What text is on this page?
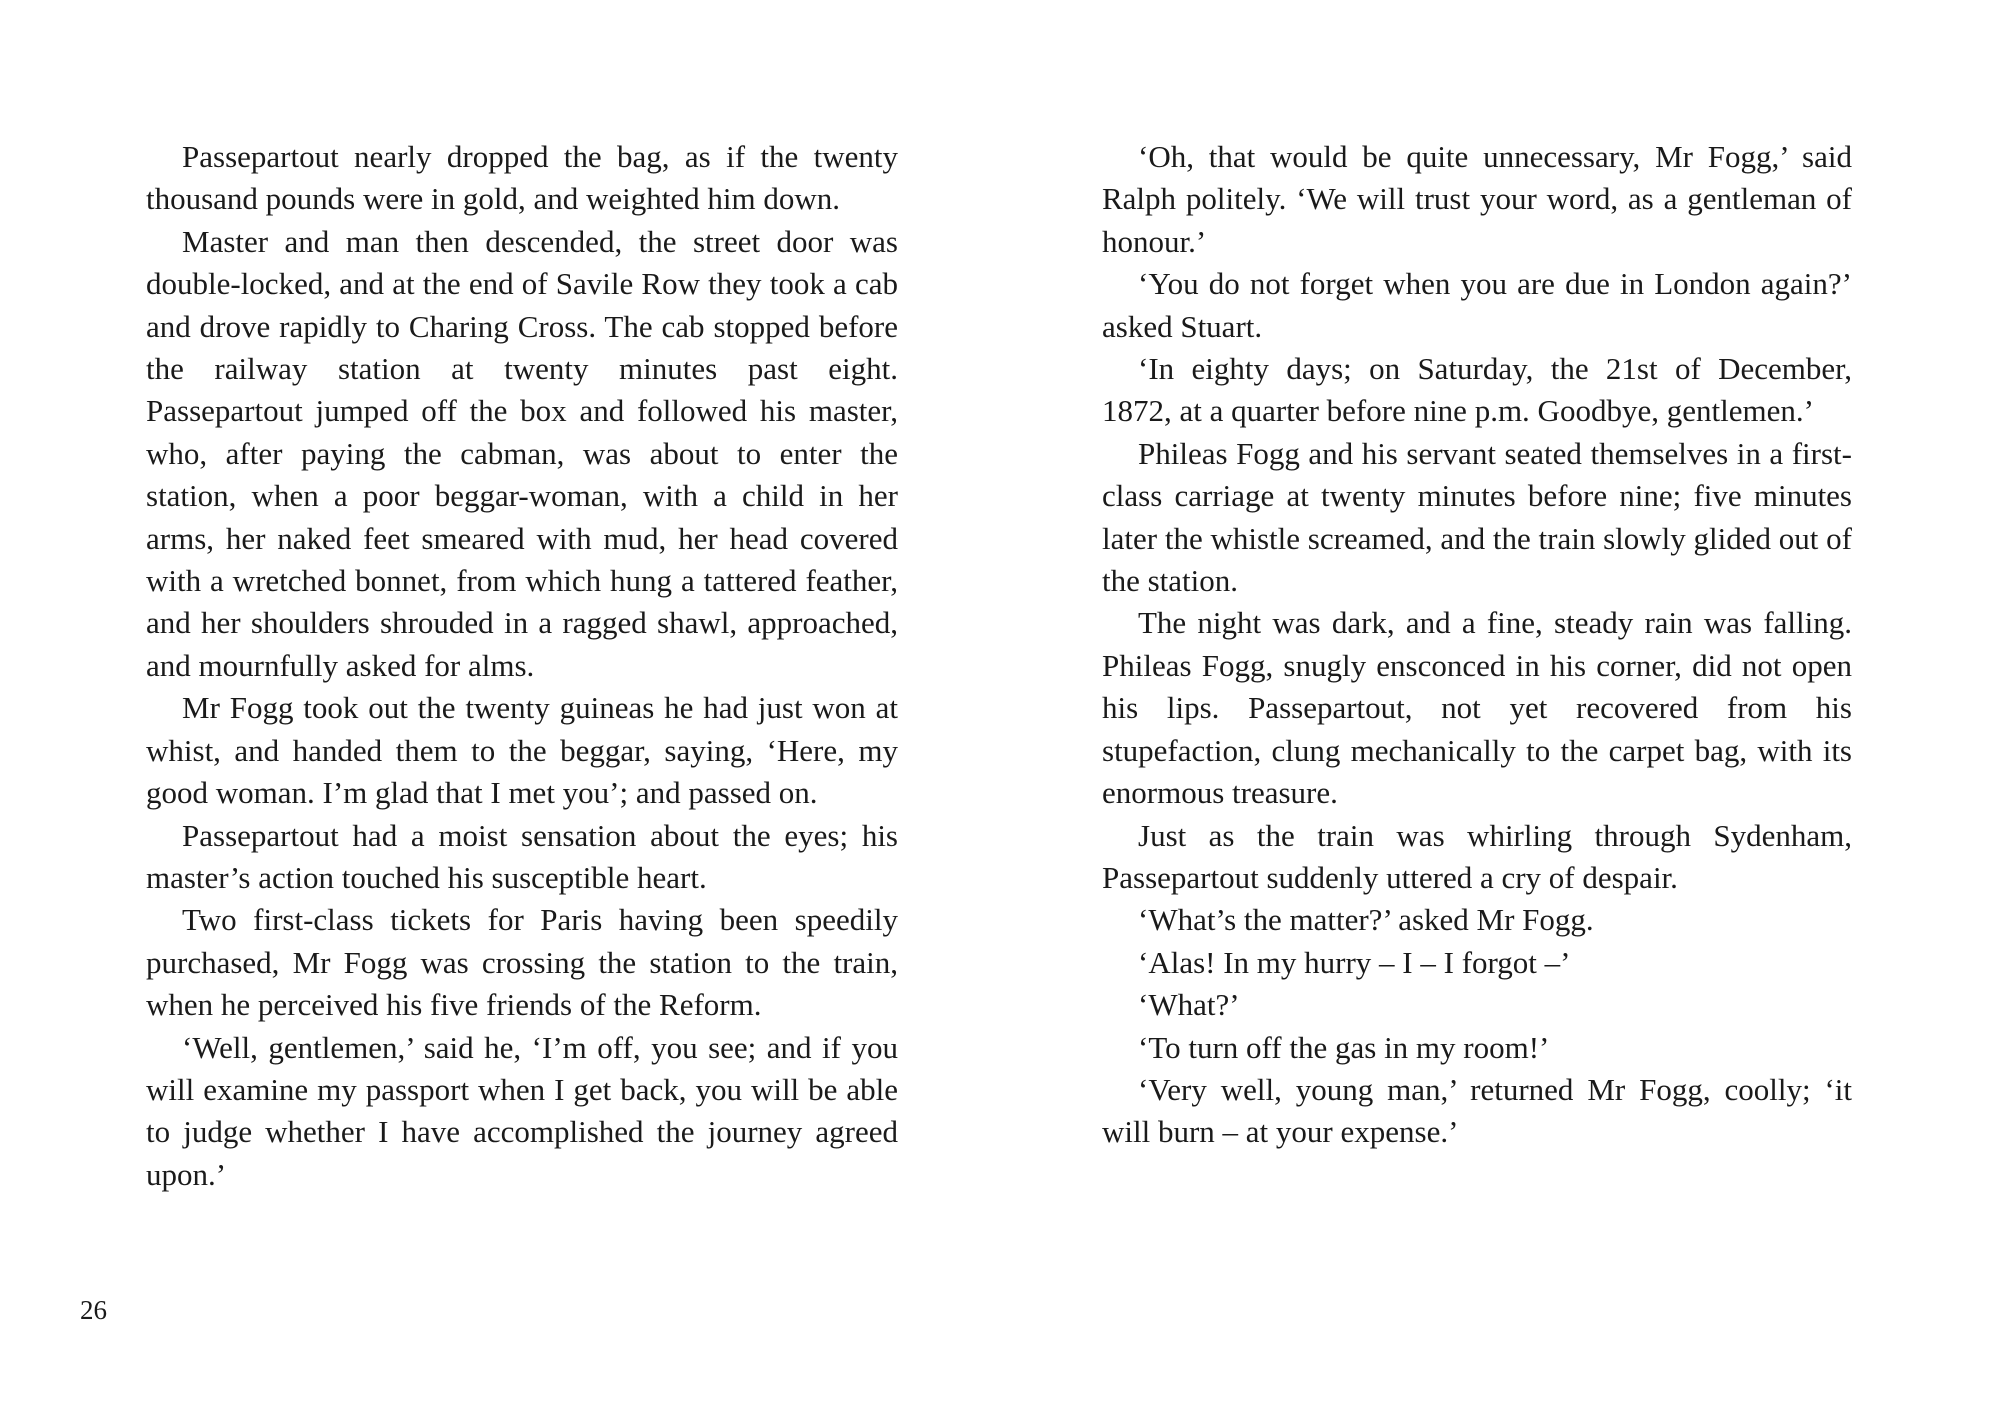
Passepartout nearly dropped the bag, as if the twenty thousand pounds were in gold, and weighted him down.

Master and man then descended, the street door was double-locked, and at the end of Savile Row they took a cab and drove rapidly to Charing Cross. The cab stopped before the railway station at twenty minutes past eight. Passepartout jumped off the box and followed his master, who, after paying the cabman, was about to enter the station, when a poor beggar-woman, with a child in her arms, her naked feet smeared with mud, her head covered with a wretched bonnet, from which hung a tattered feather, and her shoulders shrouded in a ragged shawl, approached, and mournfully asked for alms.

Mr Fogg took out the twenty guineas he had just won at whist, and handed them to the beggar, saying, ‘Here, my good woman. I’m glad that I met you’; and passed on.

Passepartout had a moist sensation about the eyes; his master’s action touched his susceptible heart.

Two first-class tickets for Paris having been speedily purchased, Mr Fogg was crossing the station to the train, when he perceived his five friends of the Reform.

‘Well, gentlemen,’ said he, ‘I’m off, you see; and if you will examine my passport when I get back, you will be able to judge whether I have accomplished the journey agreed upon.’

‘Oh, that would be quite unnecessary, Mr Fogg,’ said Ralph politely. ‘We will trust your word, as a gentleman of honour.’

‘You do not forget when you are due in London again?’ asked Stuart.

‘In eighty days; on Saturday, the 21st of December, 1872, at a quarter before nine p.m. Goodbye, gentlemen.’

Phileas Fogg and his servant seated themselves in a first-class carriage at twenty minutes before nine; five minutes later the whistle screamed, and the train slowly glided out of the station.

The night was dark, and a fine, steady rain was falling. Phileas Fogg, snugly ensconced in his corner, did not open his lips. Passepartout, not yet recovered from his stupefaction, clung mechanically to the carpet bag, with its enormous treasure.

Just as the train was whirling through Sydenham, Passepartout suddenly uttered a cry of despair.

‘What’s the matter?’ asked Mr Fogg.

‘Alas! In my hurry – I – I forgot –’

‘What?’

‘To turn off the gas in my room!’

‘Very well, young man,’ returned Mr Fogg, coolly; ‘it will burn – at your expense.’

26
